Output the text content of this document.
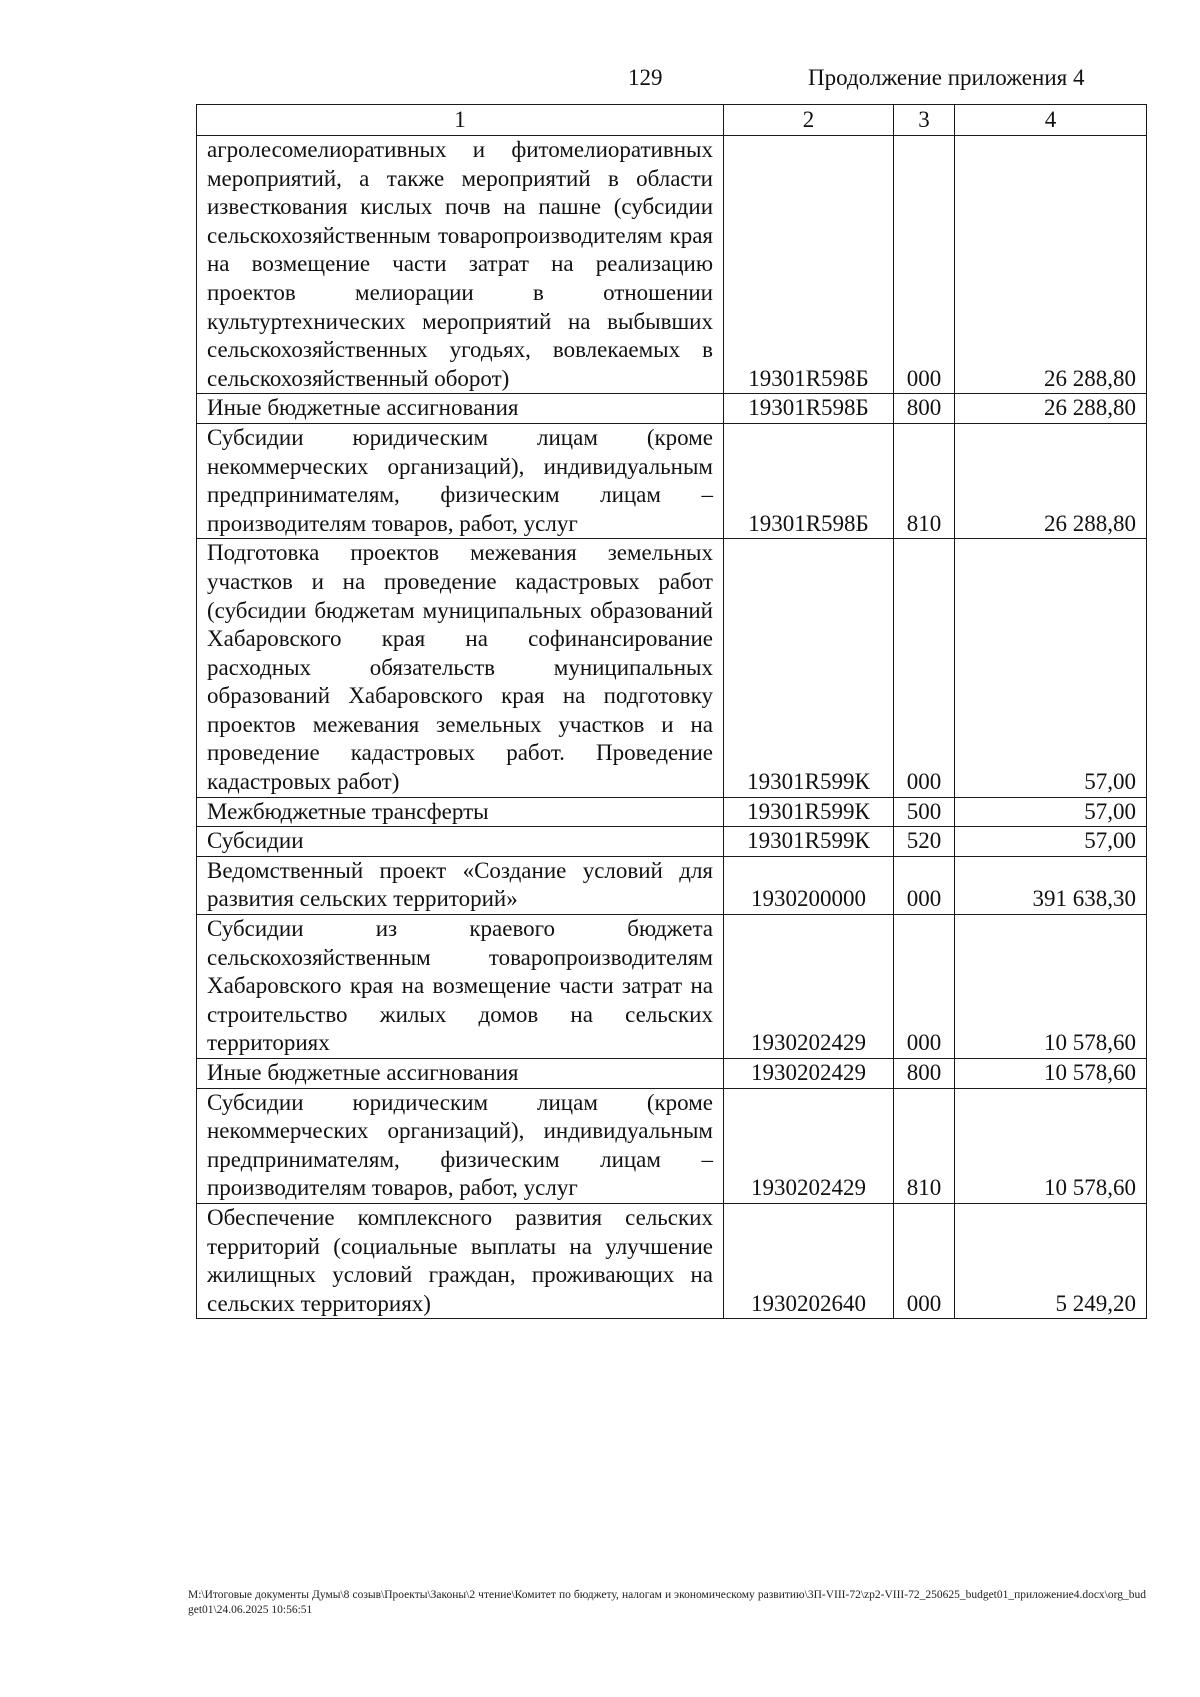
129	Продолжение приложения 4
1	2	3	4
агролесомелиоративных и фитомелиоративных мероприятий, а также мероприятий в области известкования кислых почв на пашне (субсидии сельскохозяйственным товаропроизводителям края на возмещение части затрат на реализацию проектов мелиорации в отношении культуртехнических мероприятий на выбывших сельскохозяйственных угодьях, вовлекаемых в сельскохозяйственный оборот)	19301R598Б	000	26 288,80
Иные бюджетные ассигнования	19301R598Б	800	26 288,80
Субсидии юридическим лицам (кроме некоммерческих организаций), индивидуальным предпринимателям, физическим лицам – производителям товаров, работ, услуг	19301R598Б	810	26 288,80
Подготовка проектов межевания земельных участков и на проведение кадастровых работ (субсидии бюджетам муниципальных образований Хабаровского края на софинансирование расходных обязательств муниципальных образований Хабаровского края на подготовку проектов межевания земельных участков и на проведение кадастровых работ. Проведение кадастровых работ)	19301R599К	000	57,00
Межбюджетные трансферты	19301R599К	500	57,00
Субсидии	19301R599К	520	57,00
Ведомственный проект «Создание условий для развития сельских территорий»	1930200000	000	391 638,30
Субсидии из краевого бюджета сельскохозяйственным товаропроизводителям Хабаровского края на возмещение части затрат на строительство жилых домов на сельских территориях	1930202429	000	10 578,60
Иные бюджетные ассигнования	1930202429	800	10 578,60
Субсидии юридическим лицам (кроме некоммерческих организаций), индивидуальным предпринимателям, физическим лицам – производителям товаров, работ, услуг	1930202429	810	10 578,60
Обеспечение комплексного развития сельских территорий (социальные выплаты на улучшение жилищных условий граждан, проживающих на сельских территориях)	1930202640	000	5 249,20
М:\Итоговые документы Думы\8 созыв\Проекты\Законы\2 чтение\Комитет по бюджету, налогам и экономическому развитию\3П-VIII-72\zp2-VIII-72_250625_budget01_приложение4.docx\org_budget01\24.06.2025 10:56:51
